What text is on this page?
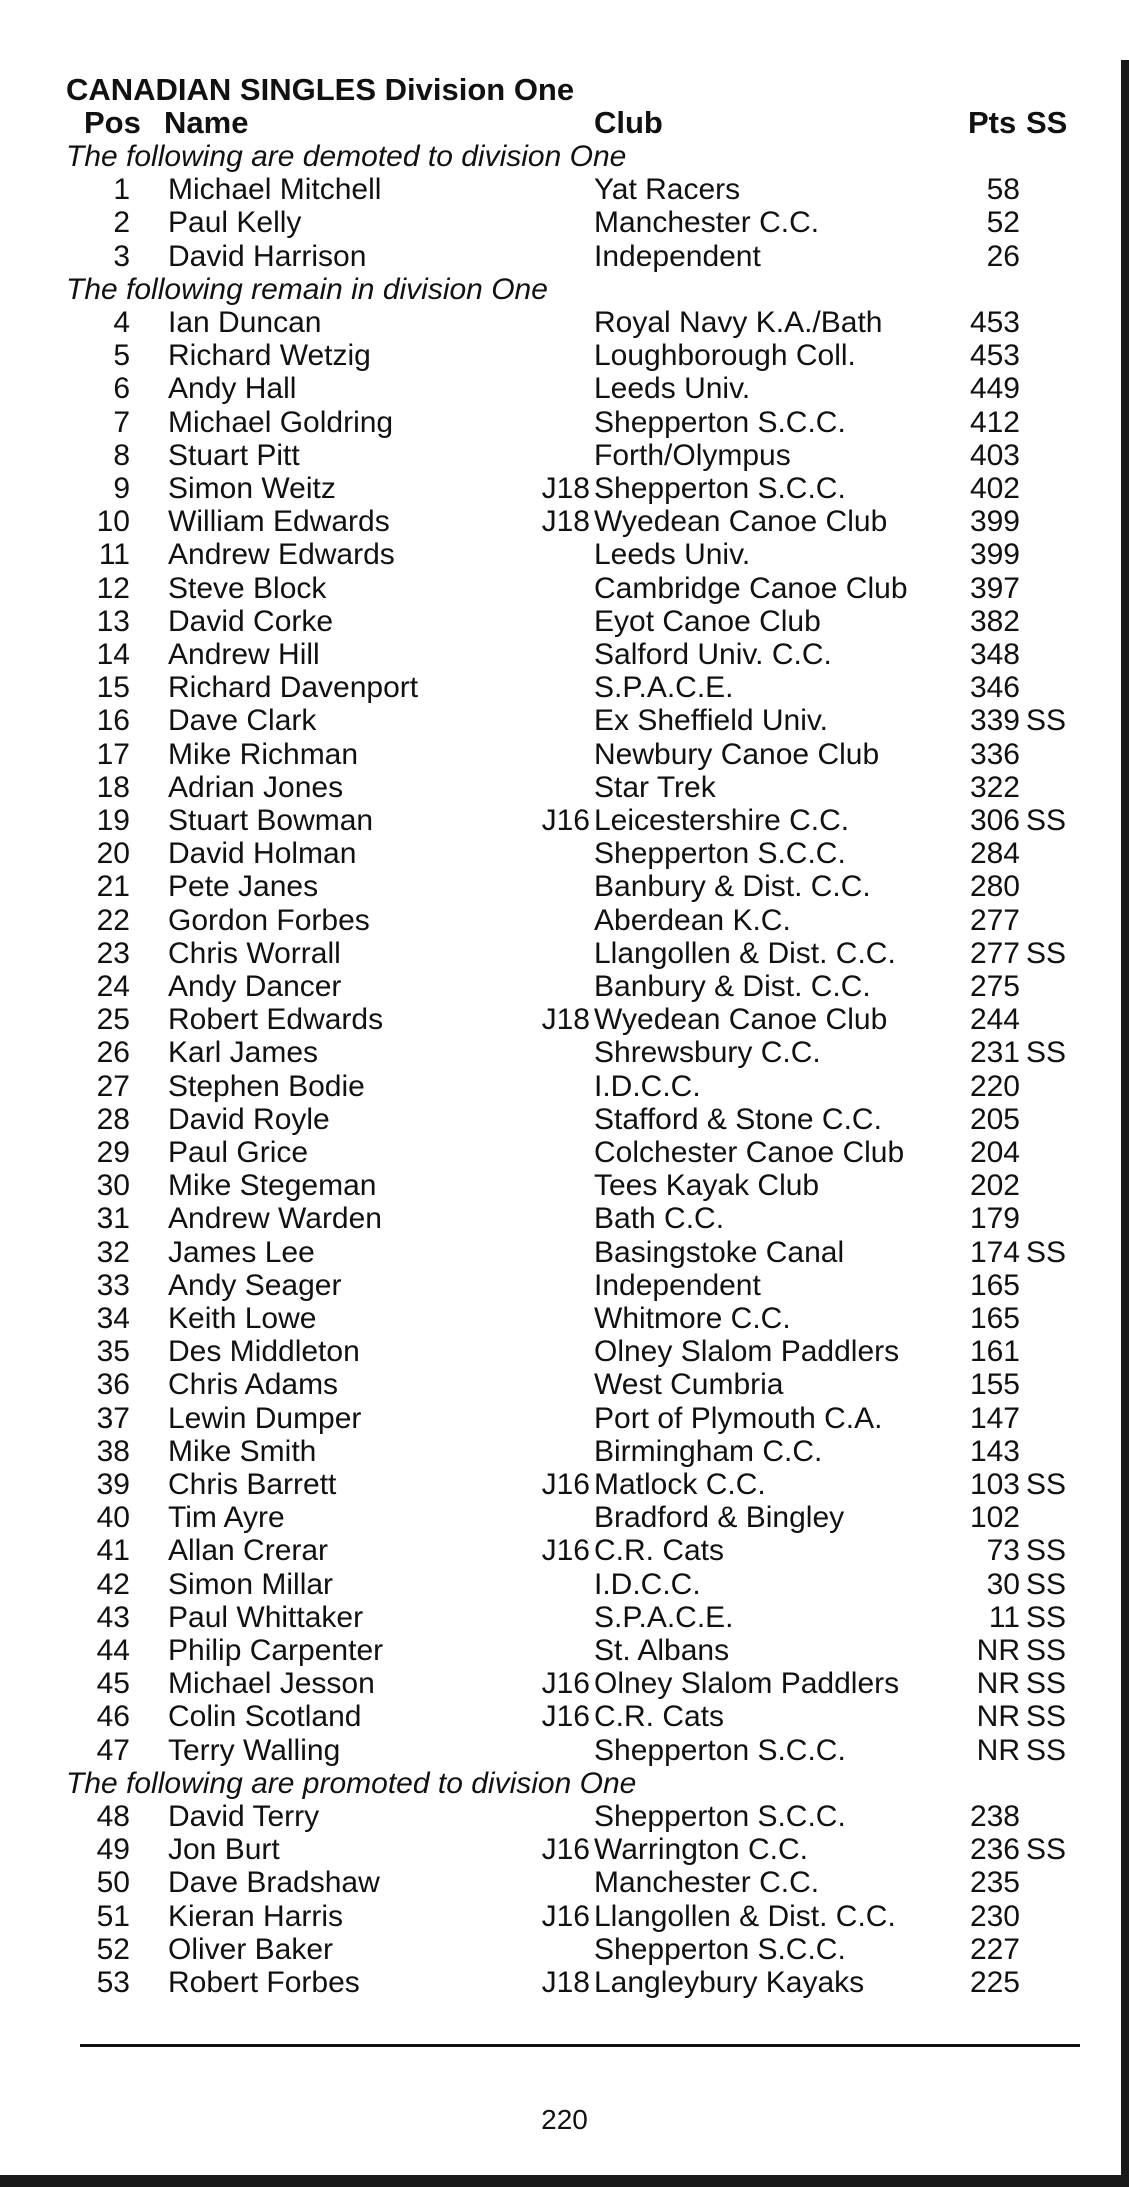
CANADIAN SINGLES Division One
Pos Name	Club	Pts SS
The following are demoted to division One
1 Michael Mitchell	Yat Racers	58
2 Paul Kelly	Manchester C.C.	52
3 David Harrison	Independent	26
The following remain in division One
4 Ian Duncan	Royal Navy K.A./Bath	453
5 Richard Wetzig	Loughborough Coll.	453
6 Andy Hall	Leeds Univ.	449
7 Michael Goldring	Shepperton S.C.C.	412
8 Stuart Pitt	Forth/Olympus	403
9 Simon Weitz	J18 Shepperton S.C.C.	402
10 William Edwards	J18 Wyedean Canoe Club	399
11 Andrew Edwards	Leeds Univ.	399
12 Steve Block	Cambridge Canoe Club	397
13 David Corke	Eyot Canoe Club	382
14 Andrew Hill	Salford Univ. C.C.	348
15 Richard Davenport	S.P.A.C.E.	346
16 Dave Clark	Ex Sheffield Univ.	339 SS
17 Mike Richman	Newbury Canoe Club	336
18 Adrian Jones	Star Trek	322
19 Stuart Bowman	J16 Leicestershire C.C.	306 SS
20 David Holman	Shepperton S.C.C.	284
21 Pete Janes	Banbury & Dist. C.C.	280
22 Gordon Forbes	Aberdean K.C.	277
23 Chris Worrall	Llangollen & Dist. C.C.	277 SS
24 Andy Dancer	Banbury & Dist. C.C.	275
25 Robert Edwards	J18 Wyedean Canoe Club	244
26 Karl James	Shrewsbury C.C.	231 SS
27 Stephen Bodie	I.D.C.C.	220
28 David Royle	Stafford & Stone C.C.	205
29 Paul Grice	Colchester Canoe Club	204
30 Mike Stegeman	Tees Kayak Club	202
31 Andrew Warden	Bath C.C.	179
32 James Lee	Basingstoke Canal	174 SS
33 Andy Seager	Independent	165
34 Keith Lowe	Whitmore C.C.	165
35 Des Middleton	Olney Slalom Paddlers	161
36 Chris Adams	West Cumbria	155
37 Lewin Dumper	Port of Plymouth C.A.	147
38 Mike Smith	Birmingham C.C.	143
39 Chris Barrett	J16 Matlock C.C.	103 SS
40 Tim Ayre	Bradford & Bingley	102
41 Allan Crerar	J16 C.R. Cats	73 SS
42 Simon Millar	I.D.C.C.	30 SS
43 Paul Whittaker	S.P.A.C.E.	11 SS
44 Philip Carpenter	St. Albans	NR SS
45 Michael Jesson	J16 Olney Slalom Paddlers	NR SS
46 Colin Scotland	J16 C.R. Cats	NR SS
47 Terry Walling	Shepperton S.C.C.	NR SS
The following are promoted to division One
48 David Terry	Shepperton S.C.C.	238
49 Jon Burt	J16 Warrington C.C.	236 SS
50 Dave Bradshaw	Manchester C.C.	235
51 Kieran Harris	J16 Llangollen & Dist. C.C.	230
52 Oliver Baker	Shepperton S.C.C.	227
53 Robert Forbes	J18 Langleybury Kayaks	225
220
